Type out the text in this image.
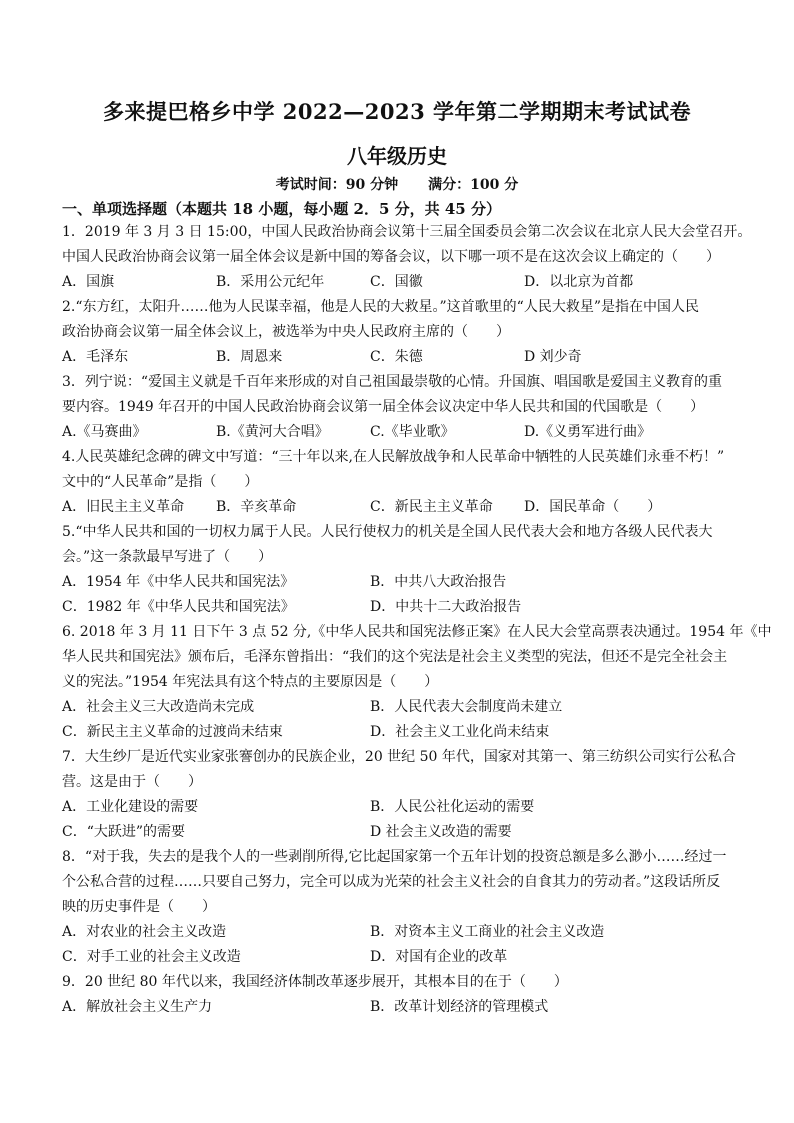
多来提巴格乡中学 2022—2023 学年第二学期期末考试试卷
八年级历史
考试时间：90 分钟 满分：100 分
一、单项选择题（本题共 18 小题，每小题 2．5 分，共 45 分）
1．2019 年 3 月 3 日 15:00，中国人民政治协商会议第十三届全国委员会第二次会议在北京人民大会堂召开。
中国人民政治协商会议第一届全体会议是新中国的筹备会议，以下哪一项不是在这次会议上确定的（　　）
A．国旗	B．采用公元纪年	C．国徽	D．以北京为首都
2.“东方红，太阳升……他为人民谋幸福，他是人民的大救星。”这首歌里的“人民大救星”是指在中国人民
政治协商会议第一届全体会议上，被选举为中央人民政府主席的（　　）
A．毛泽东	B．周恩来	C．朱德	D 刘少奇
3．列宁说：“爱国主义就是千百年来形成的对自己祖国最崇敬的心情。升国旗、唱国歌是爱国主义教育的重
要内容。1949 年召开的中国人民政治协商会议第一届全体会议决定中华人民共和国的代国歌是（　　）
A.《马赛曲》	B.《黄河大合唱》	C.《毕业歌》	D.《义勇军进行曲》
4.人民英雄纪念碑的碑文中写道：“三十年以来,在人民解放战争和人民革命中牺牲的人民英雄们永垂不朽！”
文中的“人民革命”是指（　　）
A．旧民主主义革命 B．辛亥革命	C．新民主主义革命 D．国民革命（　　）
5.“中华人民共和国的一切权力属于人民。人民行使权力的机关是全国人民代表大会和地方各级人民代表大
会。”这一条款最早写进了（　　）
A．1954 年《中华人民共和国宪法》	B．中共八大政治报告
C．1982 年《中华人民共和国宪法》	D．中共十二大政治报告
6. 2018 年 3 月 11 日下午 3 点 52 分,《中华人民共和国宪法修正案》在人民大会堂高票表决通过。1954 年《中
华人民共和国宪法》颁布后，毛泽东曾指出：“我们的这个宪法是社会主义类型的宪法，但还不是完全社会主
义的宪法。”1954 年宪法具有这个特点的主要原因是（　　）
A．社会主义三大改造尚未完成	B．人民代表大会制度尚未建立
C．新民主主义革命的过渡尚未结束	D．社会主义工业化尚未结束
7．大生纱厂是近代实业家张謇创办的民族企业，20 世纪 50 年代，国家对其第一、第三纺织公司实行公私合
营。这是由于（　　）
A．工业化建设的需要	B．人民公社化运动的需要
C．“大跃进”的需要	D 社会主义改造的需要
8．“对于我，失去的是我个人的一些剥削所得,它比起国家第一个五年计划的投资总额是多么渺小……经过一
个公私合营的过程……只要自己努力，完全可以成为光荣的社会主义社会的自食其力的劳动者。”这段话所反
映的历史事件是（　　）
A．对农业的社会主义改造	B．对资本主义工商业的社会主义改造
C．对手工业的社会主义改造	D．对国有企业的改革
9．20 世纪 80 年代以来，我国经济体制改革逐步展开，其根本目的在于（　　）
A．解放社会主义生产力	B．改革计划经济的管理模式
